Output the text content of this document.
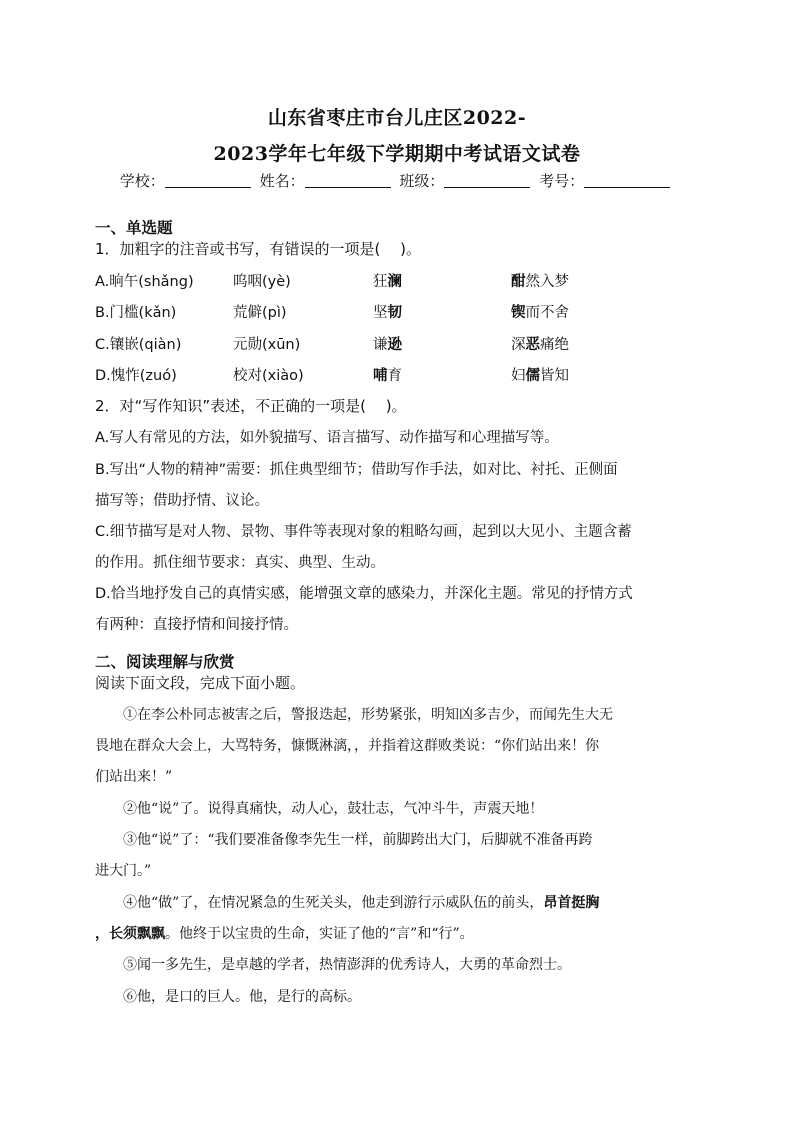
山东省枣庄市台儿庄区2022-
2023学年七年级下学期期中考试语文试卷
学校：	姓名：	班级：	考号：
一、单选题
1．加粗字的注音或书写，有错误的一项是(　 )。
A.晌午(shǎng)	呜咽(yè)	狂澜	酣然入梦
B.门槛(kǎn)	荒僻(pì)	坚韧	锲而不舍
C.镶嵌(qiàn)	元勋(xūn)	谦逊	深恶痛绝
D.愧怍(zuó)	校对(xiào)	哺育	妇儒皆知
2．对“写作知识”表述，不正确的一项是(　 )。
A.写人有常见的方法，如外貌描写、语言描写、动作描写和心理描写等。
B.写出“人物的精神”需要：抓住典型细节；借助写作手法，如对比、衬托、正侧面
描写等；借助抒情、议论。
C.细节描写是对人物、景物、事件等表现对象的粗略勾画，起到以大见小、主题含蓄
的作用。抓住细节要求：真实、典型、生动。
D.恰当地抒发自己的真情实感，能增强文章的感染力，并深化主题。常见的抒情方式
有两种：直接抒情和间接抒情。
二、阅读理解与欣赏
阅读下面文段，完成下面小题。
①在李公朴同志被害之后，警报迭起，形势紧张，明知凶多吉少，而闻先生大无
畏地在群众大会上，大骂特务，慷慨淋漓，，并指着这群败类说：“你们站出来！你
们站出来！”
②他“说”了。说得真痛快，动人心，鼓壮志，气冲斗牛，声震天地！
③他“说”了：“我们要准备像李先生一样，前脚跨出大门，后脚就不准备再跨
进大门。”
④他“做”了，在情况紧急的生死关头，他走到游行示威队伍的前头，昂首挺胸
，长须飘飘。他终于以宝贵的生命，实证了他的“言”和“行”。
⑤闻一多先生，是卓越的学者，热情澎湃的优秀诗人，大勇的革命烈士。
⑥他，是口的巨人。他，是行的高标。
